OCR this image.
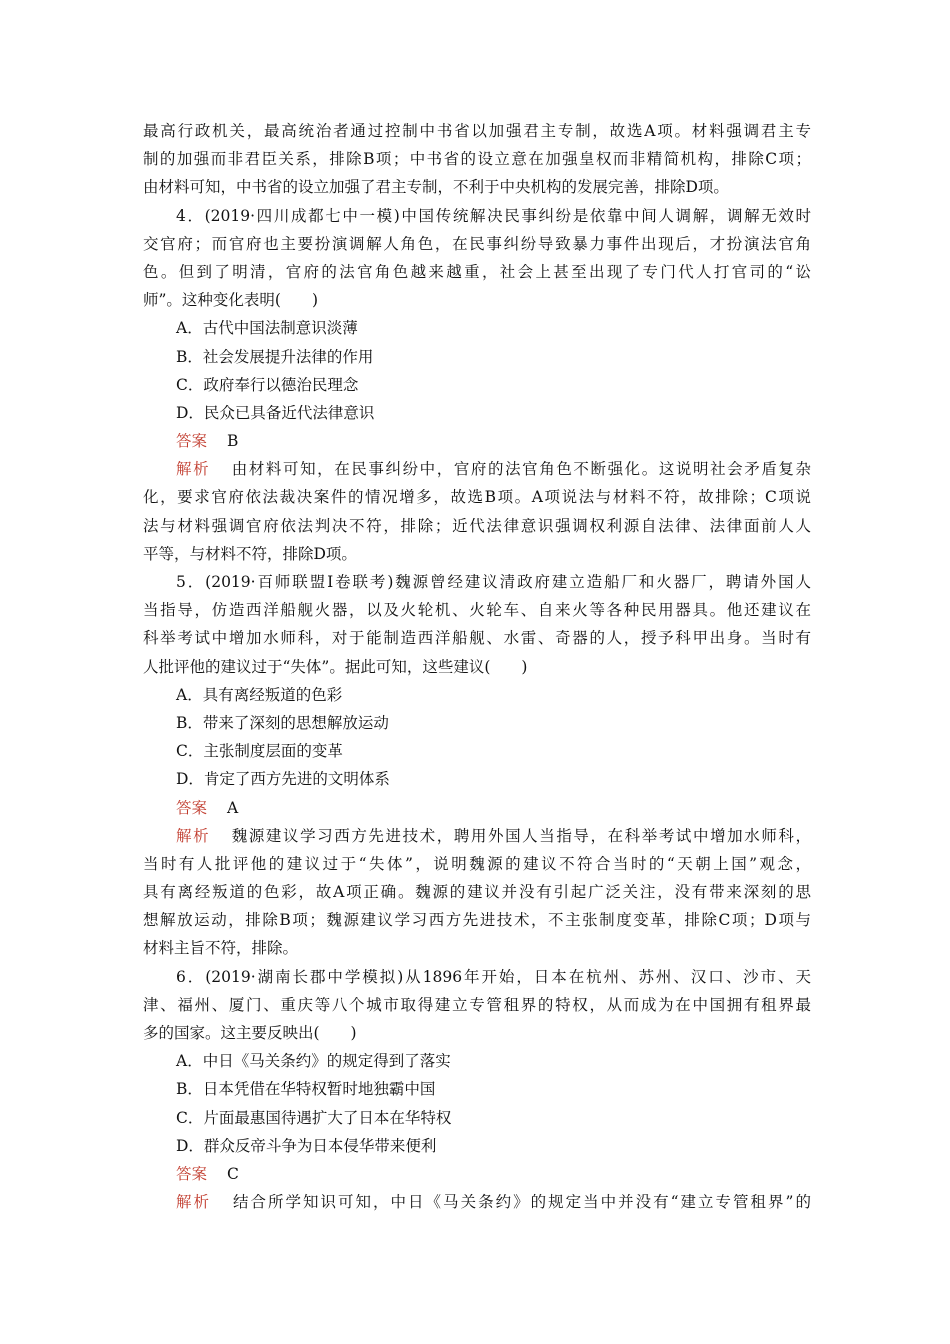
最高行政机关，最高统治者通过控制中书省以加强君主专制，故选A项。材料强调君主专
制的加强而非君臣关系，排除B项；中书省的设立意在加强皇权而非精简机构，排除C项；
由材料可知，中书省的设立加强了君主专制，不利于中央机构的发展完善，排除D项。
4．(2019·四川成都七中一模)中国传统解决民事纠纷是依靠中间人调解，调解无效时
交官府；而官府也主要扮演调解人角色，在民事纠纷导致暴力事件出现后，才扮演法官角
色。但到了明清，官府的法官角色越来越重，社会上甚至出现了专门代人打官司的“讼
师”。这种变化表明(　　)
A．古代中国法制意识淡薄
B．社会发展提升法律的作用
C．政府奉行以德治民理念
D．民众已具备近代法律意识
答案 B
解析 由材料可知，在民事纠纷中，官府的法官角色不断强化。这说明社会矛盾复杂
化，要求官府依法裁决案件的情况增多，故选B项。A项说法与材料不符，故排除；C项说
法与材料强调官府依法判决不符，排除；近代法律意识强调权利源自法律、法律面前人人
平等，与材料不符，排除D项。
5．(2019·百师联盟Ⅰ卷联考)魏源曾经建议清政府建立造船厂和火器厂，聘请外国人
当指导，仿造西洋船舰火器，以及火轮机、火轮车、自来火等各种民用器具。他还建议在
科举考试中增加水师科，对于能制造西洋船舰、水雷、奇器的人，授予科甲出身。当时有
人批评他的建议过于“失体”。据此可知，这些建议(　　)
A．具有离经叛道的色彩
B．带来了深刻的思想解放运动
C．主张制度层面的变革
D．肯定了西方先进的文明体系
答案 A
解析 魏源建议学习西方先进技术，聘用外国人当指导，在科举考试中增加水师科，
当时有人批评他的建议过于“失体”，说明魏源的建议不符合当时的“天朝上国”观念，
具有离经叛道的色彩，故A项正确。魏源的建议并没有引起广泛关注，没有带来深刻的思
想解放运动，排除B项；魏源建议学习西方先进技术，不主张制度变革，排除C项；D项与
材料主旨不符，排除。
6．(2019·湖南长郡中学模拟)从1896年开始，日本在杭州、苏州、汉口、沙市、天
津、福州、厦门、重庆等八个城市取得建立专管租界的特权，从而成为在中国拥有租界最
多的国家。这主要反映出(　　)
A．中日《马关条约》的规定得到了落实
B．日本凭借在华特权暂时地独霸中国
C．片面最惠国待遇扩大了日本在华特权
D．群众反帝斗争为日本侵华带来便利
答案 C
解析 结合所学知识可知，中日《马关条约》的规定当中并没有“建立专管租界”的
